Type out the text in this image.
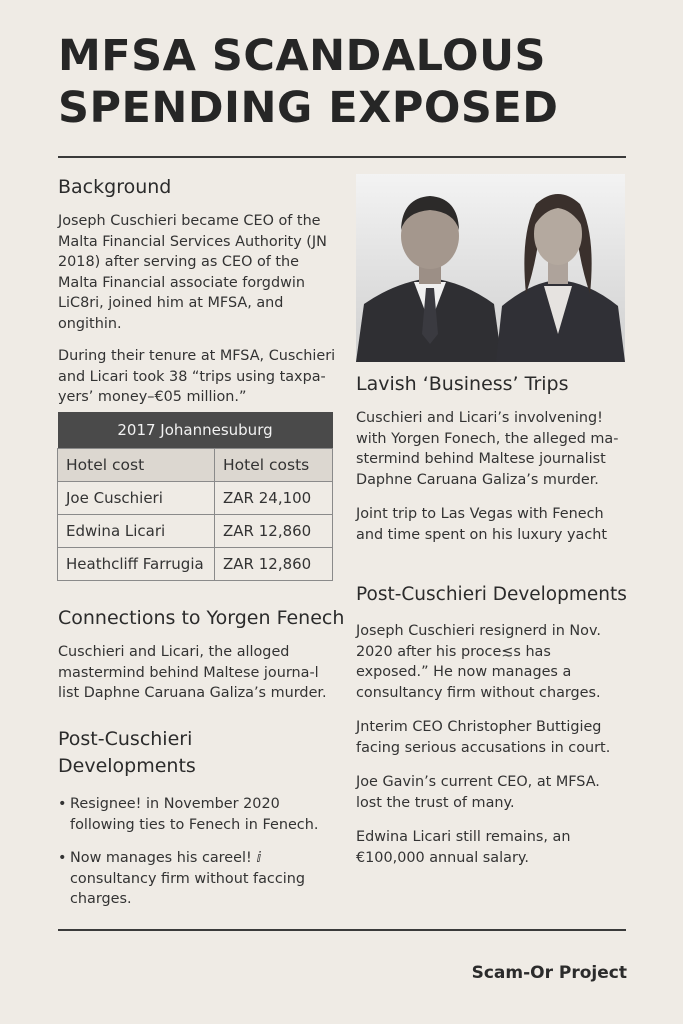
MFSA SCANDALOUS
SPENDING EXPOSED
Background

Joseph Cuschieri became CEO of the Malta Financial Services Authority (JN 2018) after serving as CEO of the Malta Financial associate forgdwin LiC8ri, joined him at MFSA, and ongithin.

During their tenure at MFSA, Cuschieri and Licari took 38 “trips using taxpa-yers’ money–€05 million.”

2017 Johannesuburg	
Hotel cost	Hotel costs
Joe Cuschieri	ZAR 24,100
Edwina Licari	ZAR 12,860
Heathcliff Farrugia	ZAR 12,860
Connections to Yorgen Fenech

Cuschieri and Licari, the alloged mastermind behind Maltese journa-l list Daphne Caruana Galiza’s murder.

Post-Cuschieri
Developments
• Resignee! in November 2020 following ties to Fenech in Fenech.
• Now manages his careel! ⅈ consultancy firm without faccing charges.
Lavish ‘Business’ Trips

Cuschieri and Licari’s involvening! with Yorgen Fonech, the alleged ma-stermind behind Maltese journalist Daphne Caruana Galiza’s murder.

Joint trip to Las Vegas with Fenech and time spent on his luxury yacht

Post-Cuschieri Developments

Joseph Cuschieri resignerd in Nov. 2020 after his proce≲s has exposed.” He now manages a consultancy firm without charges.

Jnterim CEO Christopher Buttigieg facing serious accusations in court.

Joe Gavin’s current CEO, at MFSA. lost the trust of many.

Edwina Licari still remains, an €100,000 annual salary.

Scam-Or Project
